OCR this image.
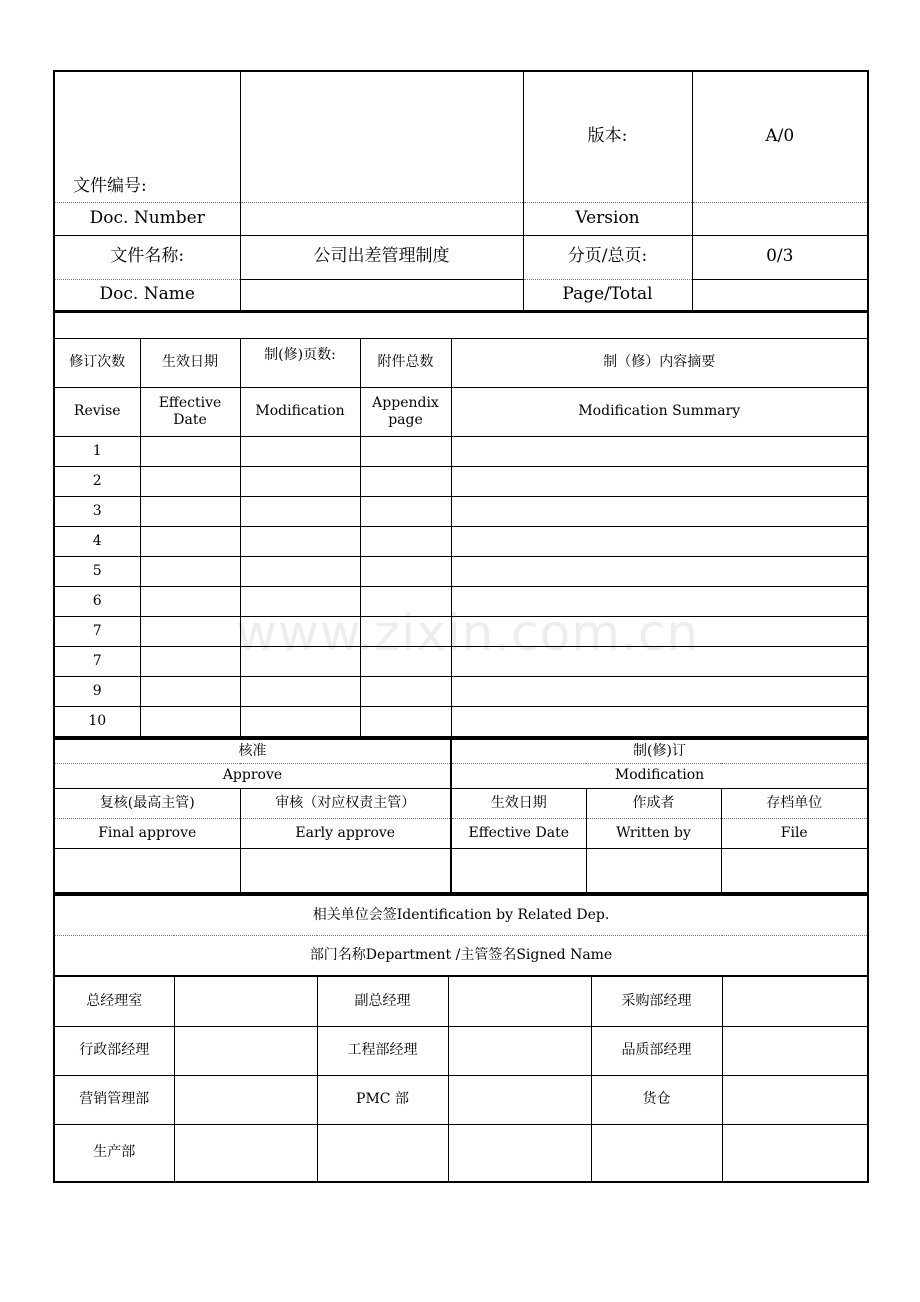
www.zixin.com.cn
文件编号:		版本:	A/0
Doc. Number		Version	
文件名称:	公司出差管理制度	分页/总页:	0/3
Doc. Name		Page/Total	

修订次数	生效日期	制(修)页数:	附件总数	制（修）内容摘要
Revise	Effective Date	Modification	Appendix page	Modification Summary
1				
2				
3				
4				
5				
6				
7				
7				
9				
10				
核准		制(修)订		
Approve		Modification		
复核(最高主管)	审核（对应权责主管）	生效日期	作成者	存档单位
Final approve	Early approve	Effective Date	Written by	File

相关单位会签Identification by Related Dep.					
部门名称Department /主管签名Signed Name					
总经理室		副总经理		采购部经理	
行政部经理		工程部经理		品质部经理	
营销管理部		PMC 部		货仓	
生产部					
